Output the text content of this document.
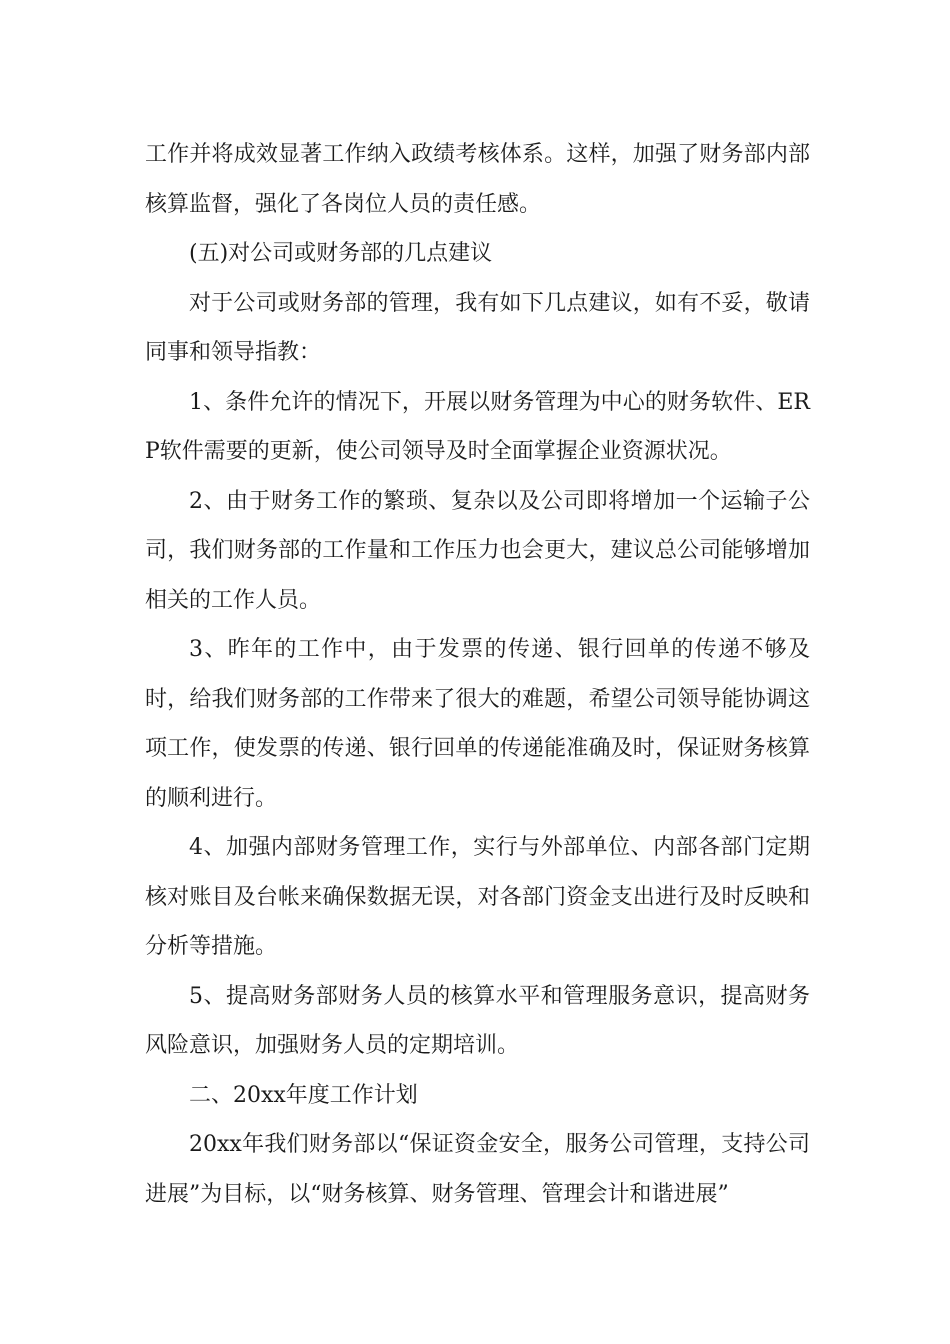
工作并将成效显著工作纳入政绩考核体系。这样，加强了财务部内部核算监督，强化了各岗位人员的责任感。

(五)对公司或财务部的几点建议

对于公司或财务部的管理，我有如下几点建议，如有不妥，敬请同事和领导指教：

1、条件允许的情况下，开展以财务管理为中心的财务软件、ERP软件需要的更新，使公司领导及时全面掌握企业资源状况。

2、由于财务工作的繁琐、复杂以及公司即将增加一个运输子公司，我们财务部的工作量和工作压力也会更大，建议总公司能够增加相关的工作人员。

3、昨年的工作中，由于发票的传递、银行回单的传递不够及时，给我们财务部的工作带来了很大的难题，希望公司领导能协调这项工作，使发票的传递、银行回单的传递能准确及时，保证财务核算的顺利进行。

4、加强内部财务管理工作，实行与外部单位、内部各部门定期核对账目及台帐来确保数据无误，对各部门资金支出进行及时反映和分析等措施。

5、提高财务部财务人员的核算水平和管理服务意识，提高财务风险意识，加强财务人员的定期培训。

二、20xx年度工作计划

20xx年我们财务部以“保证资金安全，服务公司管理，支持公司进展”为目标，以“财务核算、财务管理、管理会计和谐进展”
